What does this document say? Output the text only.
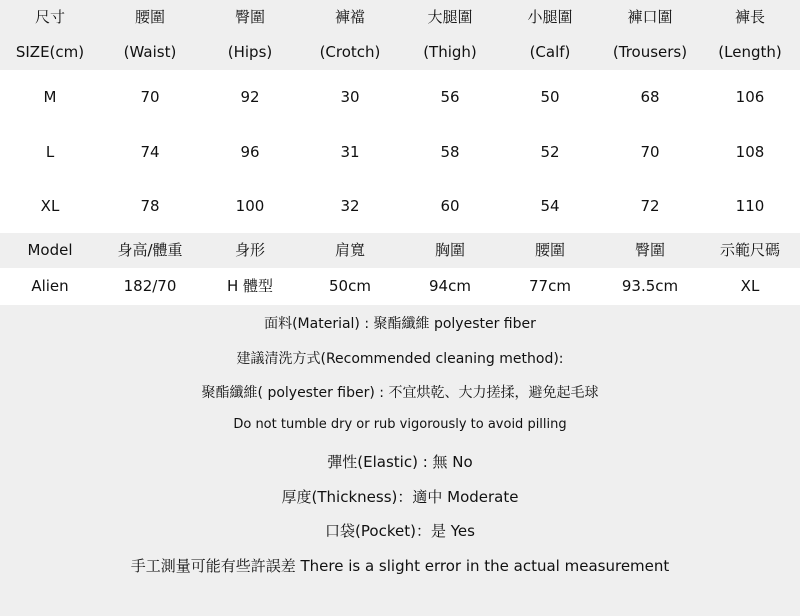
尺寸	腰圍	臀圍	褲襠	大腿圍	小腿圍	褲口圍	褲長
SIZE(cm)	(Waist)	(Hips)	(Crotch)	(Thigh)	(Calf)	(Trousers)	(Length)
M	70	92	30	56	50	68	106
L	74	96	31	58	52	70	108
XL	78	100	32	60	54	72	110
Model	身高/體重	身形	肩寬	胸圍	腰圍	臀圍	示範尺碼
Alien	182/70	H 體型	50cm	94cm	77cm	93.5cm	XL
面料(Material) : 聚酯纖維 polyester fiber
建議清洗方式(Recommended cleaning method):
聚酯纖維( polyester fiber) : 不宜烘乾、大力搓揉，避免起毛球
Do not tumble dry or rub vigorously to avoid pilling
彈性(Elastic) : 無 No
厚度(Thickness)：適中 Moderate
口袋(Pocket)：是 Yes
手工測量可能有些許誤差 There is a slight error in the actual measurement
